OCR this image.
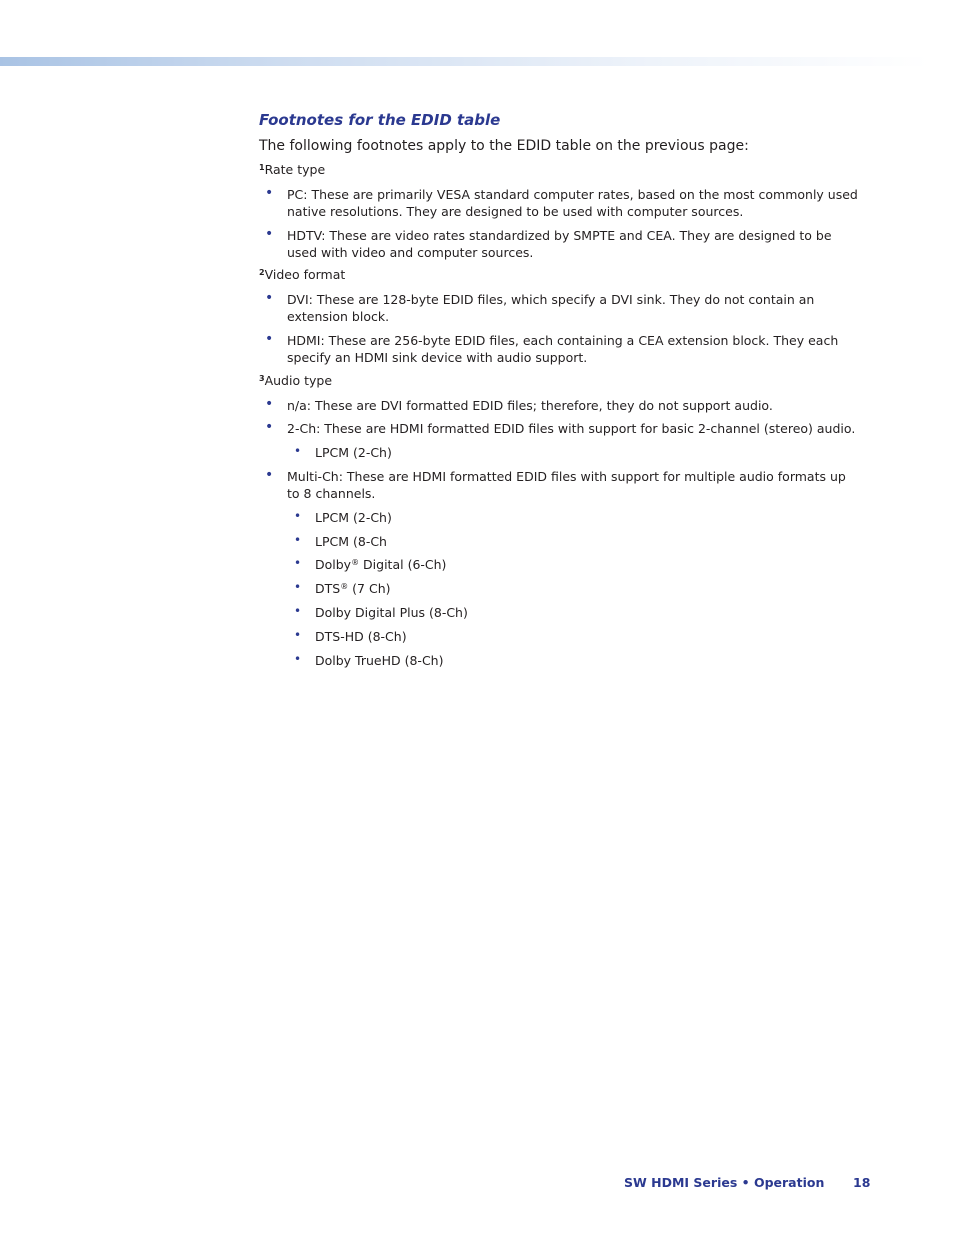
Footnotes for the EDID table

The following footnotes apply to the EDID table on the previous page:

$^1$Rate type

• PC: These are primarily VESA standard computer rates, based on the most commonly used native resolutions. They are designed to be used with computer sources.

• HDTV: These are video rates standardized by SMPTE and CEA. They are designed to be used with video and computer sources.

$^2$Video format

• DVI: These are 128-byte EDID files, which specify a DVI sink. They do not contain an extension block.

• HDMI: These are 256-byte EDID files, each containing a CEA extension block. They each specify an HDMI sink device with audio support.

$^3$Audio type

• n/a: These are DVI formatted EDID files; therefore, they do not support audio.

• 2-Ch: These are HDMI formatted EDID files with support for basic 2-channel (stereo) audio.

• LPCM (2-Ch)

• Multi-Ch: These are HDMI formatted EDID files with support for multiple audio formats up to 8 channels.

• LPCM (2-Ch)

• LPCM (8-Ch

• Dolby® Digital (6-Ch)

• DTS® (7 Ch)

• Dolby Digital Plus (8-Ch)

• DTS-HD (8-Ch)

• Dolby TrueHD (8-Ch)

SW HDMI Series • Operation 18
